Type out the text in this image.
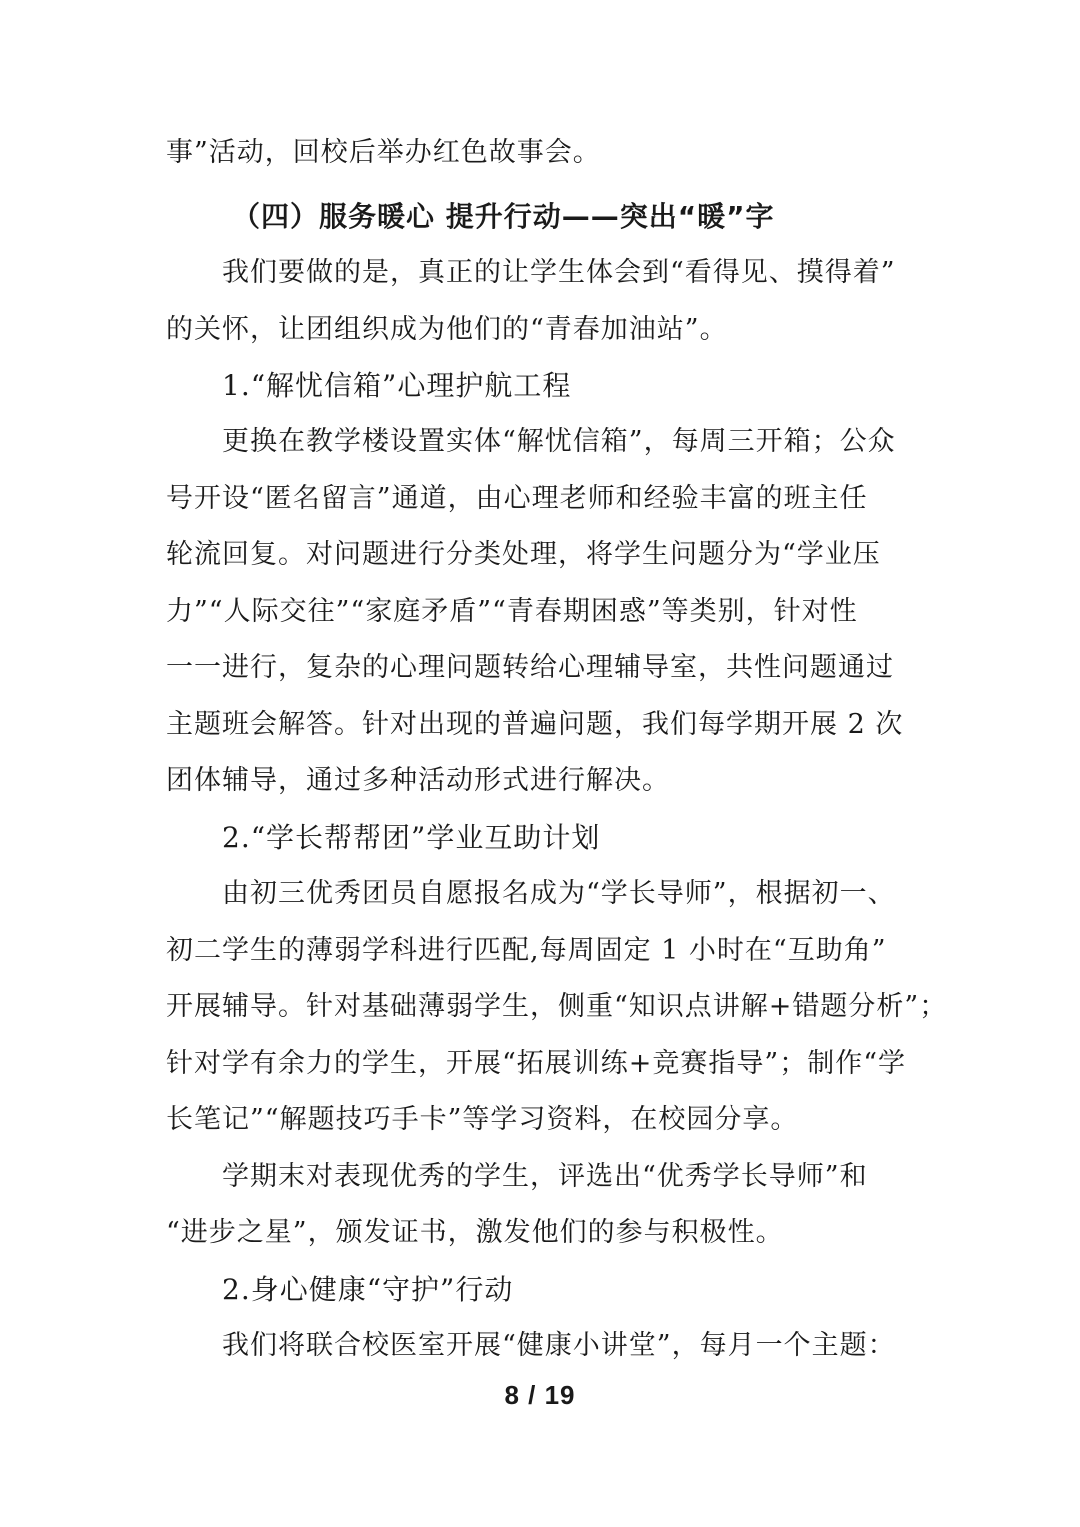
事”活动，回校后举办红色故事会。
（四）服务暖心 提升行动——突出“暖”字
我们要做的是，真正的让学生体会到“看得见、摸得着”
的关怀，让团组织成为他们的“青春加油站”。
1.“解忧信箱”心理护航工程
更换在教学楼设置实体“解忧信箱”，每周三开箱；公众
号开设“匿名留言”通道，由心理老师和经验丰富的班主任
轮流回复。对问题进行分类处理，将学生问题分为“学业压
力”“人际交往”“家庭矛盾”“青春期困惑”等类别，针对性
一一进行，复杂的心理问题转给心理辅导室，共性问题通过
主题班会解答。针对出现的普遍问题，我们每学期开展 2 次
团体辅导，通过多种活动形式进行解决。
2.“学长帮帮团”学业互助计划
由初三优秀团员自愿报名成为“学长导师”，根据初一、
初二学生的薄弱学科进行匹配,每周固定 1 小时在“互助角”
开展辅导。针对基础薄弱学生，侧重“知识点讲解+错题分析”；
针对学有余力的学生，开展“拓展训练+竞赛指导”；制作“学
长笔记”“解题技巧手卡”等学习资料，在校园分享。
学期末对表现优秀的学生，评选出“优秀学长导师”和
“进步之星”，颁发证书，激发他们的参与积极性。
2.身心健康“守护”行动
我们将联合校医室开展“健康小讲堂”，每月一个主题：
8 / 19
